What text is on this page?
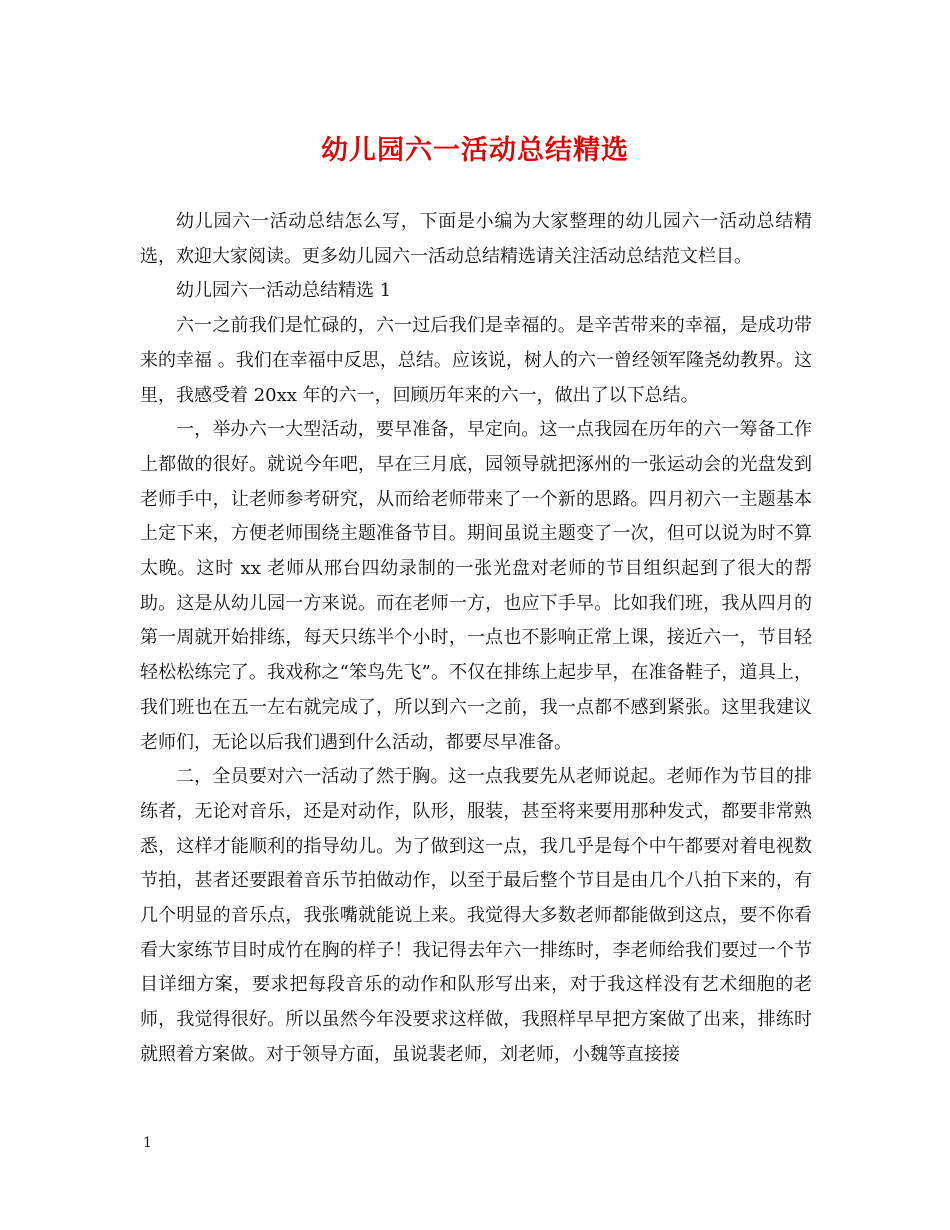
幼儿园六一活动总结精选

幼儿园六一活动总结怎么写，下面是小编为大家整理的幼儿园六一活动总结精选，欢迎大家阅读。更多幼儿园六一活动总结精选请关注活动总结范文栏目。

幼儿园六一活动总结精选 1

六一之前我们是忙碌的，六一过后我们是幸福的。是辛苦带来的幸福，是成功带来的幸福 。我们在幸福中反思，总结。应该说，树人的六一曾经领军隆尧幼教界。这里，我感受着 20xx 年的六一，回顾历年来的六一，做出了以下总结。

一，举办六一大型活动，要早准备，早定向。这一点我园在历年的六一筹备工作上都做的很好。就说今年吧，早在三月底，园领导就把涿州的一张运动会的光盘发到老师手中，让老师参考研究，从而给老师带来了一个新的思路。四月初六一主题基本上定下来，方便老师围绕主题准备节目。期间虽说主题变了一次，但可以说为时不算太晚。这时 xx 老师从邢台四幼录制的一张光盘对老师的节目组织起到了很大的帮助。这是从幼儿园一方来说。而在老师一方，也应下手早。比如我们班，我从四月的第一周就开始排练，每天只练半个小时，一点也不影响正常上课，接近六一，节目轻轻松松练完了。我戏称之“笨鸟先飞”。不仅在排练上起步早，在准备鞋子，道具上，我们班也在五一左右就完成了，所以到六一之前，我一点都不感到紧张。这里我建议老师们，无论以后我们遇到什么活动，都要尽早准备。

二，全员要对六一活动了然于胸。这一点我要先从老师说起。老师作为节目的排练者，无论对音乐，还是对动作，队形，服装，甚至将来要用那种发式，都要非常熟悉，这样才能顺利的指导幼儿。为了做到这一点，我几乎是每个中午都要对着电视数节拍，甚者还要跟着音乐节拍做动作，以至于最后整个节目是由几个八拍下来的，有几个明显的音乐点，我张嘴就能说上来。我觉得大多数老师都能做到这点，要不你看看大家练节目时成竹在胸的样子！我记得去年六一排练时，李老师给我们要过一个节目详细方案，要求把每段音乐的动作和队形写出来，对于我这样没有艺术细胞的老师，我觉得很好。所以虽然今年没要求这样做，我照样早早把方案做了出来，排练时就照着方案做。对于领导方面，虽说裴老师，刘老师，小魏等直接接

1
